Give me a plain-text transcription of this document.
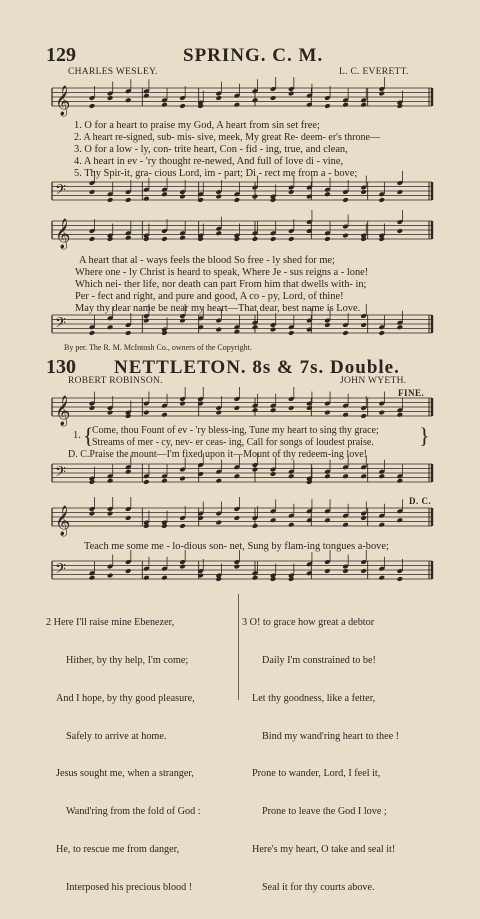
129	SPRING. C. M.
CHARLES WESLEY.	L. C. EVERETT.
𝄞
1. O for a heart to praise my God, A heart from sin set free;
2. A heart re-signed, sub- mis- sive, meek, My great Re- deem- er's throne—
3. O for a low - ly, con- trite heart, Con - fid - ing, true, and clean,
4. A heart in ev - 'ry thought re-newed, And full of love di - vine,
5. Thy Spir-it, gra- cious Lord, im - part; Di - rect me from a - bove;
𝄢
𝄞
A heart that al - ways feels the blood So free - ly shed for me;
Where one - ly Christ is heard to speak, Where Je - sus reigns a - lone!
Which nei- ther life, nor death can part From him that dwells with- in;
Per - fect and right, and pure and good, A co - py, Lord, of thine!
May thy dear name be near my heart—That dear, best name is Love.
𝄢
By per. The R. M. McIntosh Co., owners of the Copyright.
130 NETTLETON. 8s & 7s. Double.
ROBERT ROBINSON.	JOHN WYETH.
FINE.
𝄞
1. {
Come, thou Fount of ev - 'ry bless-ing, Tune my heart to sing thy grace;
Streams of mer - cy, nev- er ceas- ing, Call for songs of loudest praise. }
D. C.Praise the mount—I'm fixed upon it—Mount of thy redeem-ing love!
𝄢
D. C.
𝄞
Teach me some me - lo-dious son- net, Sung by flam-ing tongues a-bove;
𝄢

2 Here I'll raise mine Ebenezer,

Hither, by thy help, I'm come;

And I hope, by thy good pleasure,

Safely to arrive at home.

Jesus sought me, when a stranger,

Wand'ring from the fold of God :

He, to rescue me from danger,

Interposed his precious blood !

3 O! to grace how great a debtor

Daily I'm constrained to be!

Let thy goodness, like a fetter,

Bind my wand'ring heart to thee !

Prone to wander, Lord, I feel it,

Prone to leave the God I love ;

Here's my heart, O take and seal it!

Seal it for thy courts above.
